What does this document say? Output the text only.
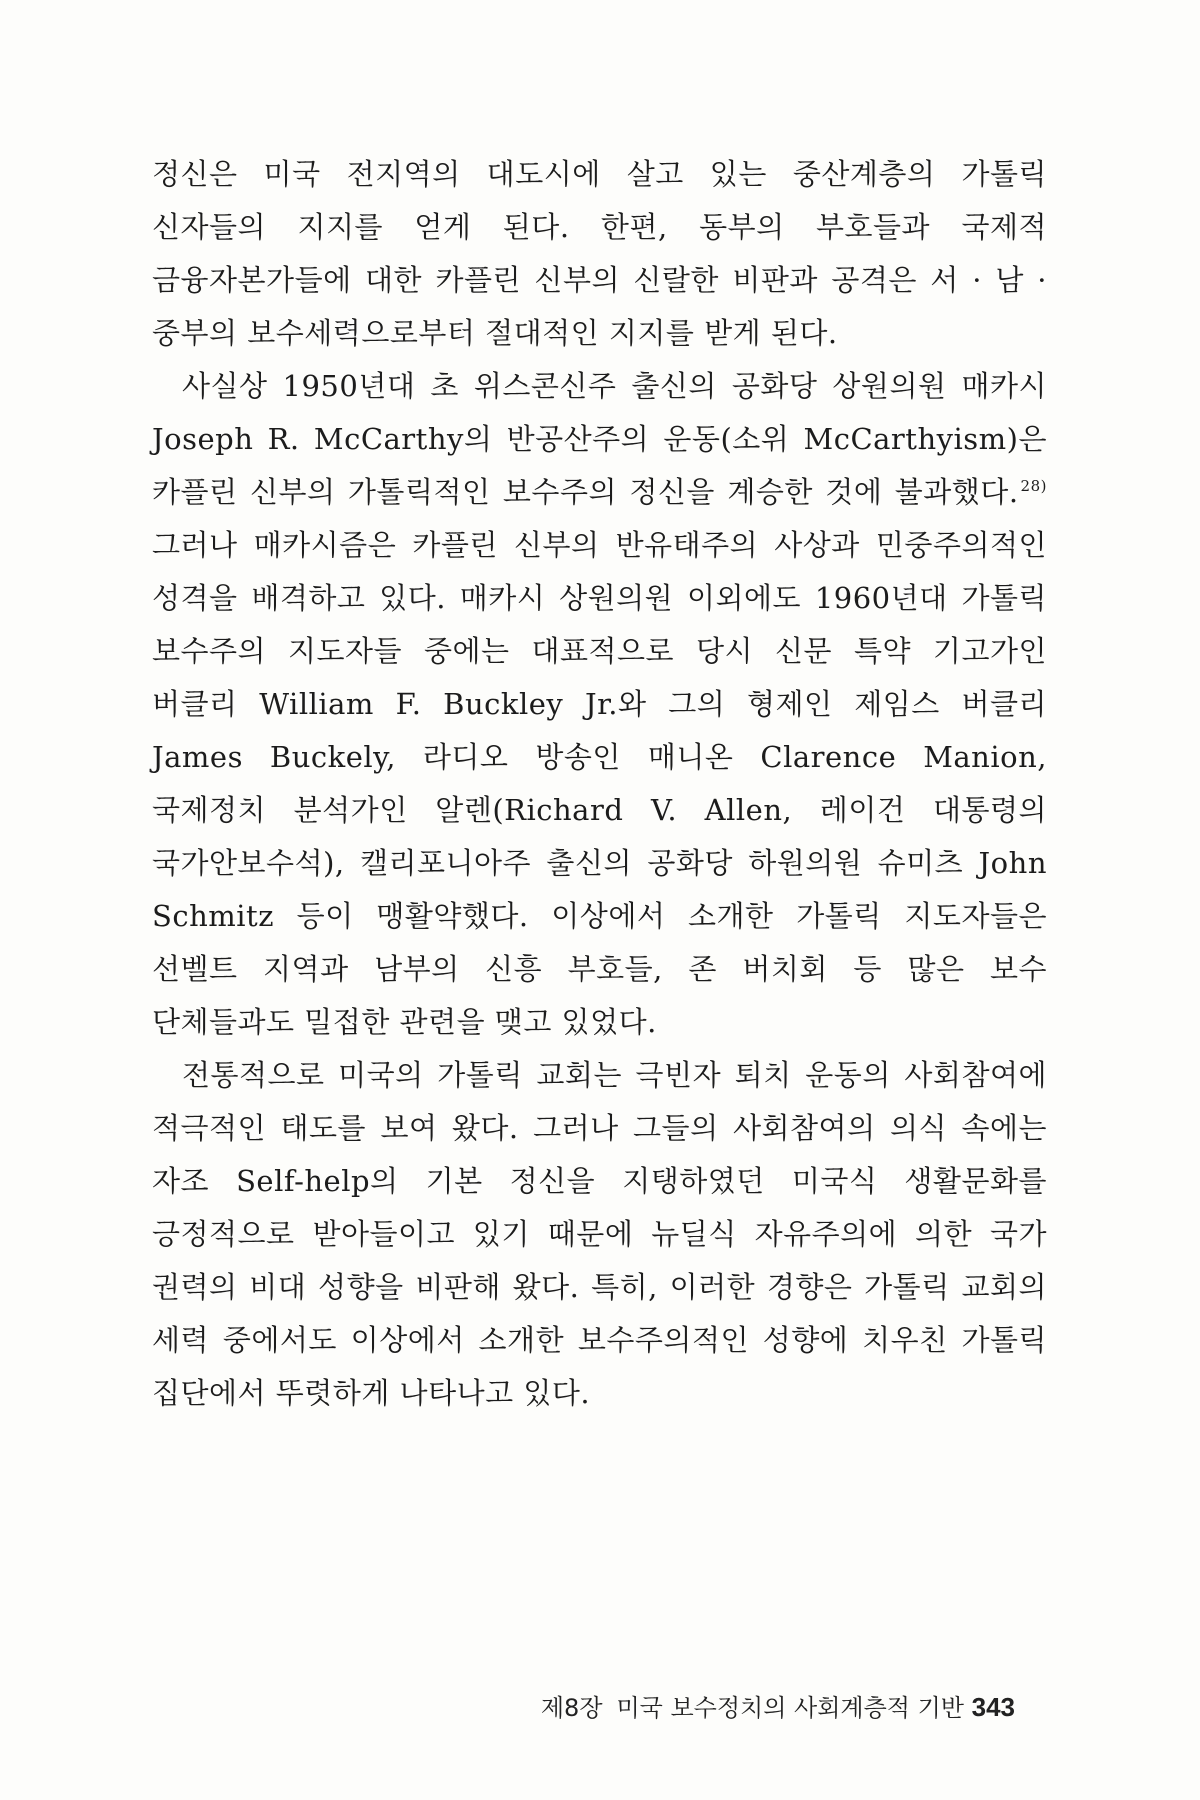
정신은 미국 전지역의 대도시에 살고 있는 중산계층의 가톨릭 신자들의 지지를 얻게 된다. 한편, 동부의 부호들과 국제적 금융자본가들에 대한 카플린 신부의 신랄한 비판과 공격은 서 · 남 · 중부의 보수세력으로부터 절대적인 지지를 받게 된다.

사실상 1950년대 초 위스콘신주 출신의 공화당 상원의원 매카시 Joseph R. McCarthy의 반공산주의 운동(소위 McCarthyism)은 카플린 신부의 가톨릭적인 보수주의 정신을 계승한 것에 불과했다. $^{28)}$ 그러나 매카시즘은 카플린 신부의 반유태주의 사상과 민중주의적인 성격을 배격하고 있다. 매카시 상원의원 이외에도 1960년대 가톨릭 보수주의 지도자들 중에는 대표적으로 당시 신문 특약 기고가인 버클리 William F. Buckley Jr.와 그의 형제인 제임스 버클리 James Buckely, 라디오 방송인 매니온 Clarence Manion, 국제정치 분석가인 알렌(Richard V. Allen, 레이건 대통령의 국가안보수석), 캘리포니아주 출신의 공화당 하원의원 슈미츠 John Schmitz 등이 맹활약했다. 이상에서 소개한 가톨릭 지도자들은 선벨트 지역과 남부의 신흥 부호들, 존 버치회 등 많은 보수 단체들과도 밀접한 관련을 맺고 있었다.

전통적으로 미국의 가톨릭 교회는 극빈자 퇴치 운동의 사회참여에 적극적인 태도를 보여 왔다. 그러나 그들의 사회참여의 의식 속에는 자조 Self-help의 기본 정신을 지탱하였던 미국식 생활문화를 긍정적으로 받아들이고 있기 때문에 뉴딜식 자유주의에 의한 국가 권력의 비대 성향을 비판해 왔다. 특히, 이러한 경향은 가톨릭 교회의 세력 중에서도 이상에서 소개한 보수주의적인 성향에 치우친 가톨릭 집단에서 뚜렷하게 나타나고 있다.

제8장 미국 보수정치의 사회계층적 기반 343
